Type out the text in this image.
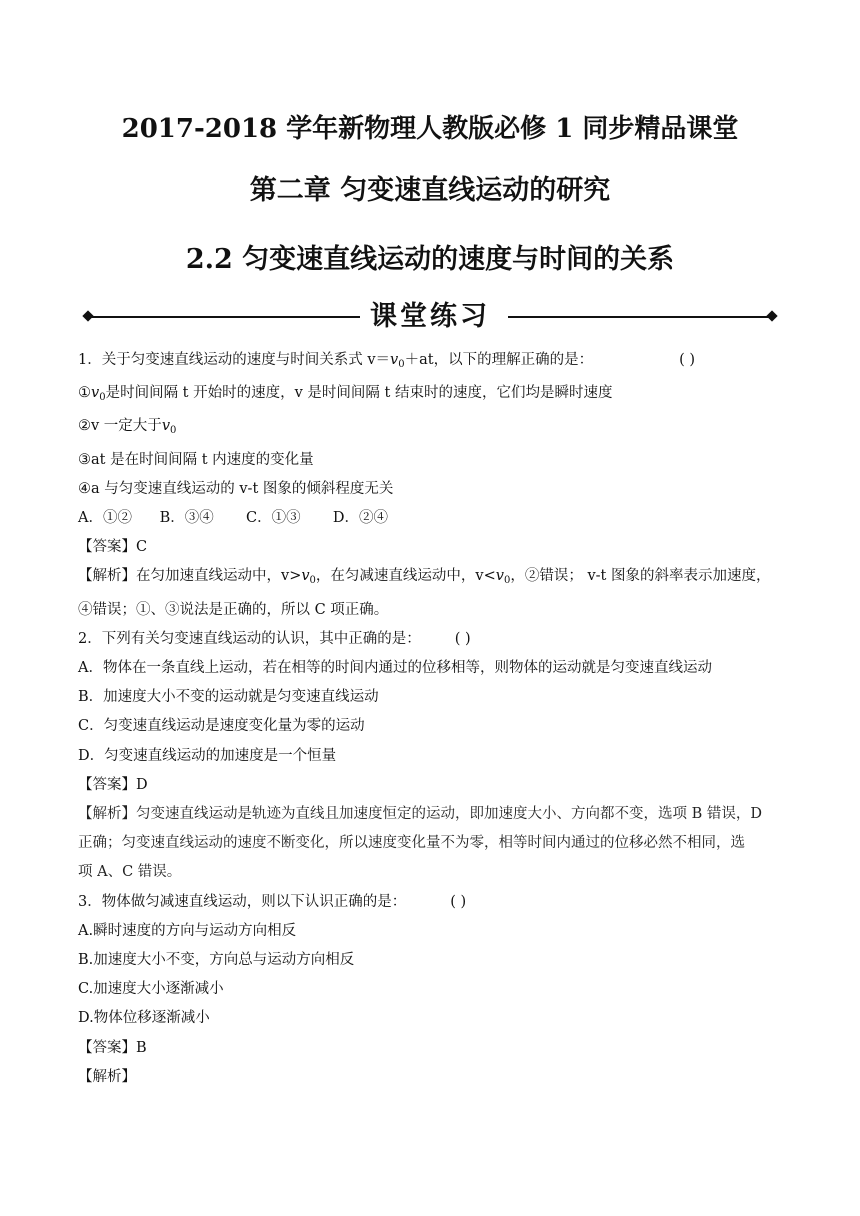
2017-2018 学年新物理人教版必修 1 同步精品课堂
第二章 匀变速直线运动的研究
2.2 匀变速直线运动的速度与时间的关系
课堂练习

1．关于匀变速直线运动的速度与时间关系式 $v=v_0+at$，以下的理解正确的是：	( )

$①v_0$是时间间隔 t 开始时的速度，v 是时间间隔 t 结束时的速度，它们均是瞬时速度

②v 一定大于$v_0$

③at 是在时间间隔 t 内速度的变化量

④a 与匀变速直线运动的 v-t 图象的倾斜程度无关

A．①②      B．③④       C．①③       D．②④

【答案】C

【解析】在匀加速直线运动中，$v>v_0$，在匀减速直线运动中，$v<v_0$，②错误； v-t 图象的斜率表示加速度，

④错误；①、③说法是正确的，所以 C 项正确。

2．下列有关匀变速直线运动的认识，其中正确的是： ( )

A．物体在一条直线上运动，若在相等的时间内通过的位移相等，则物体的运动就是匀变速直线运动

B．加速度大小不变的运动就是匀变速直线运动

C．匀变速直线运动是速度变化量为零的运动

D．匀变速直线运动的加速度是一个恒量

【答案】D

【解析】匀变速直线运动是轨迹为直线且加速度恒定的运动，即加速度大小、方向都不变，选项 B 错误，D

正确；匀变速直线运动的速度不断变化，所以速度变化量不为零，相等时间内通过的位移必然不相同，选

项 A、C 错误。

3．物体做匀减速直线运动，则以下认识正确的是：	( )

A.瞬时速度的方向与运动方向相反

B.加速度大小不变，方向总与运动方向相反

C.加速度大小逐渐减小

D.物体位移逐渐减小

【答案】B

【解析】
